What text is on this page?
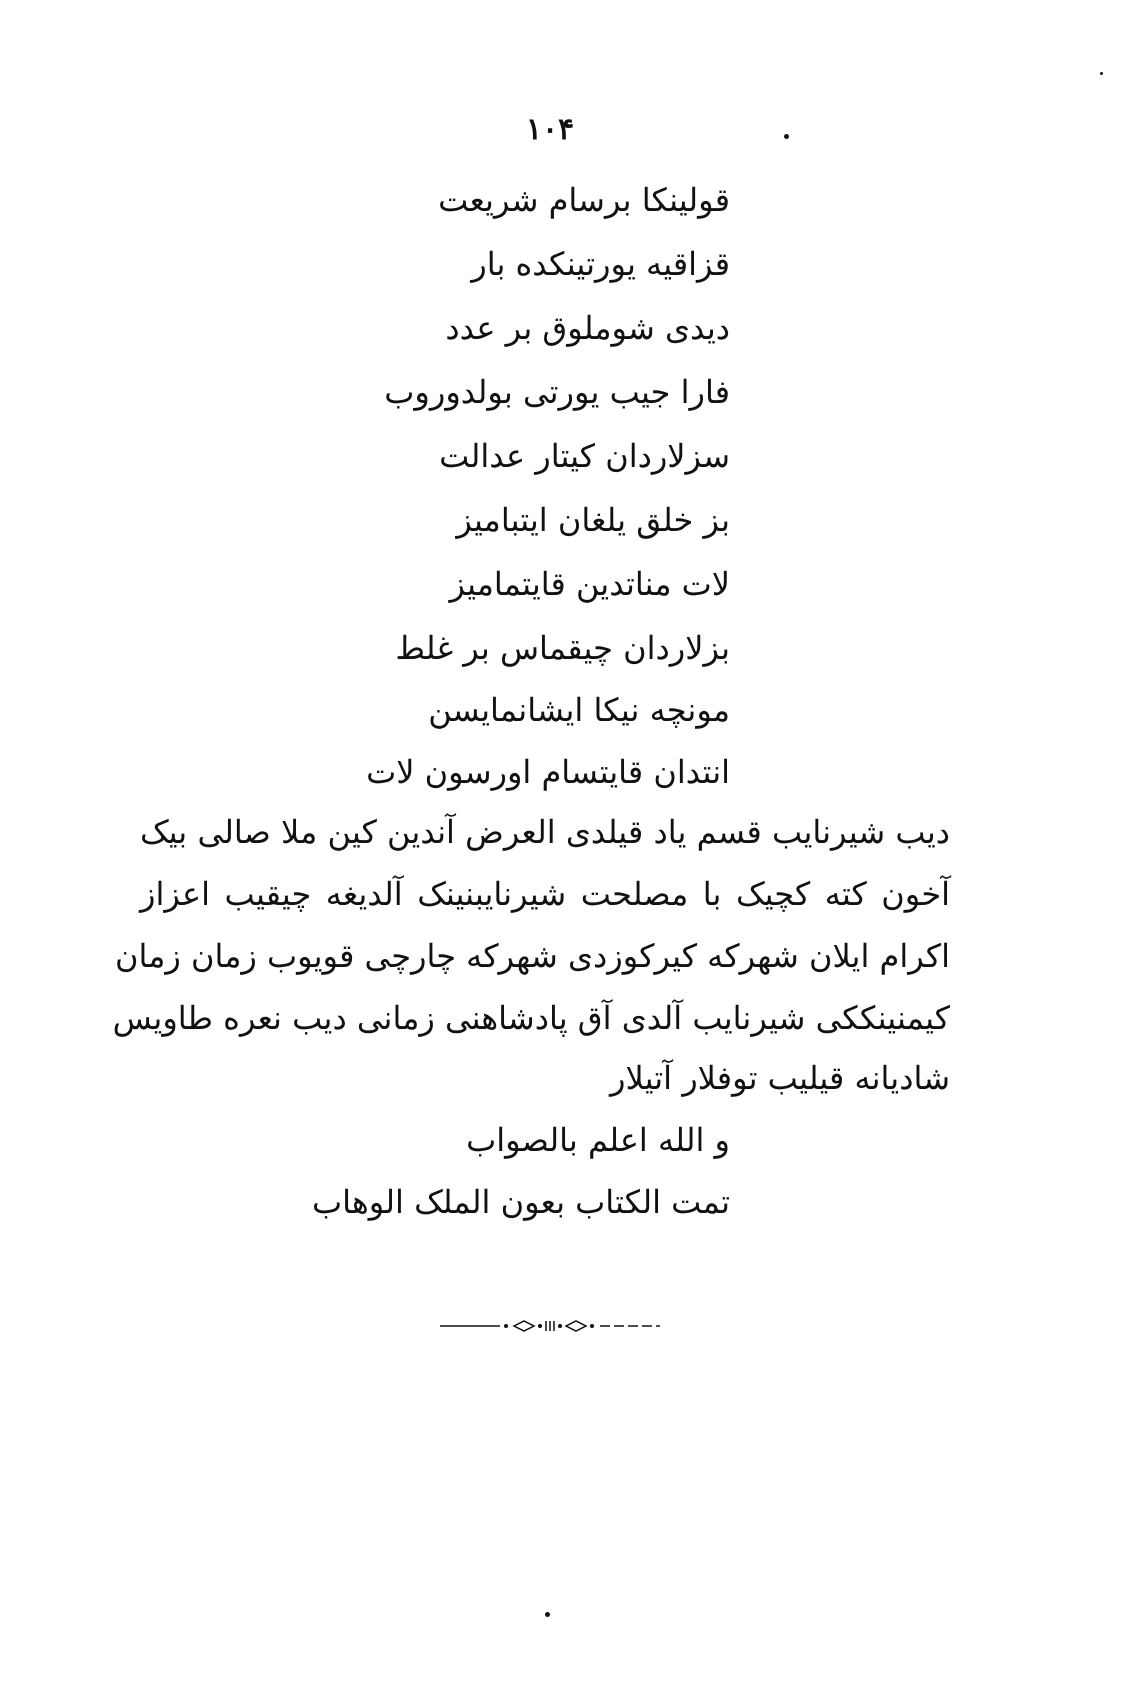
۱۰۴
قولینکا برسام شریعت
قزاقیه یورتینکده بار
دیدی شوملوق بر عدد
فارا جیب یورتی بولدوروب
سزلاردان کیتار عدالت
بز خلق یلغان ایتبامیز
لات مناتدین قایتمامیز
بزلاردان چیقماس بر غلط
مونچه نیکا ایشانمایسن
انتدان قایتسام اورسون لات
دیب شیرنایب قسم یاد قیلدی العرض آندین کین ملا صالی بیک
آخون کته کچیک با مصلحت شیرنایبنینک آلدیغه چیقیب اعزاز
اکرام ایلان شهرکه کیرکوزدی شهرکه چارچی قویوب زمان زمان
کیمنینککی شیرنایب آلدی آق پادشاهنی زمانی دیب نعره طاویس
شادیانه قیلیب توفلار آتیلار
و الله اعلم بالصواب
تمت الکتاب بعون الملک الوهاب
